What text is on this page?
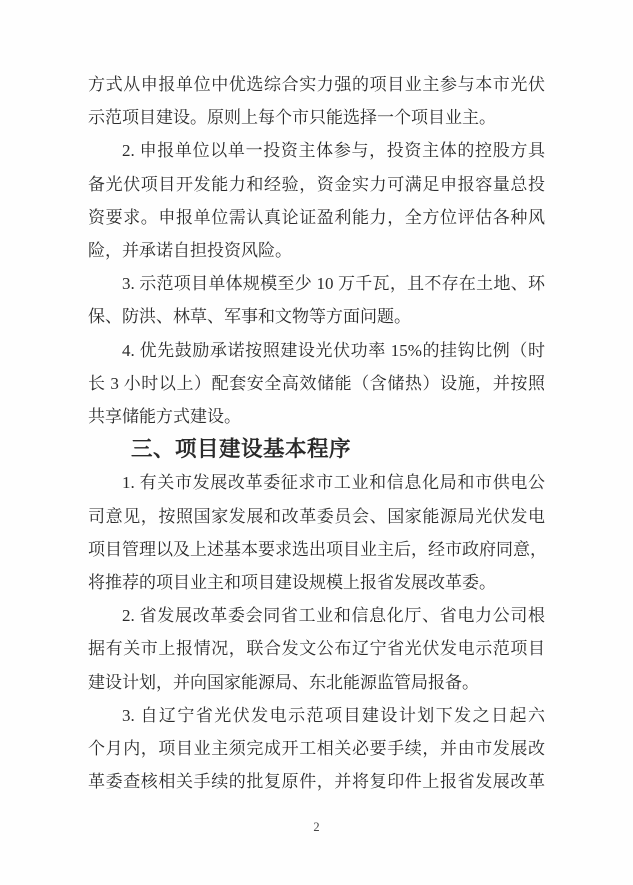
方式从申报单位中优选综合实力强的项目业主参与本市光伏
示范项目建设。原则上每个市只能选择一个项目业主。

2. 申报单位以单一投资主体参与，投资主体的控股方具
备光伏项目开发能力和经验，资金实力可满足申报容量总投
资要求。申报单位需认真论证盈利能力，全方位评估各种风
险，并承诺自担投资风险。

3. 示范项目单体规模至少 10 万千瓦，且不存在土地、环
保、防洪、林草、军事和文物等方面问题。

4. 优先鼓励承诺按照建设光伏功率 15%的挂钩比例（时
长 3 小时以上）配套安全高效储能（含储热）设施，并按照
共享储能方式建设。

三、项目建设基本程序

1. 有关市发展改革委征求市工业和信息化局和市供电公
司意见，按照国家发展和改革委员会、国家能源局光伏发电
项目管理以及上述基本要求选出项目业主后，经市政府同意，
将推荐的项目业主和项目建设规模上报省发展改革委。

2. 省发展改革委会同省工业和信息化厅、省电力公司根
据有关市上报情况，联合发文公布辽宁省光伏发电示范项目
建设计划，并向国家能源局、东北能源监管局报备。

3. 自辽宁省光伏发电示范项目建设计划下发之日起六
个月内，项目业主须完成开工相关必要手续，并由市发展改
革委查核相关手续的批复原件，并将复印件上报省发展改革

2
